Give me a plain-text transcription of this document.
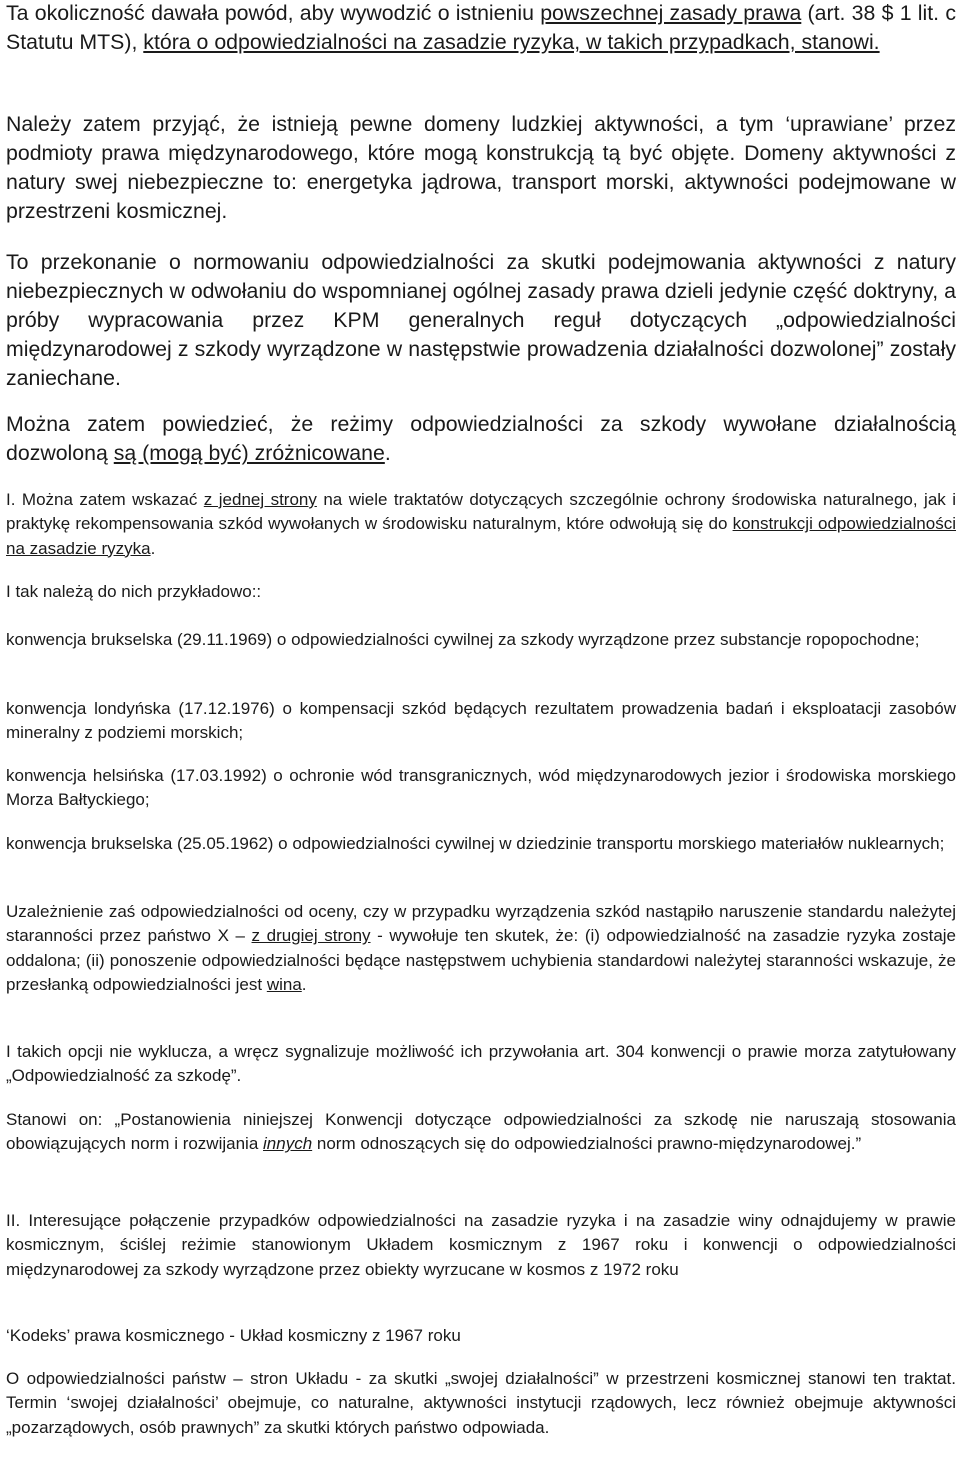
Ta okoliczność dawała powód, aby wywodzić o istnieniu powszechnej zasady prawa (art. 38 $ 1 lit. c Statutu MTS), która o odpowiedzialności na zasadzie ryzyka, w takich przypadkach, stanowi.

Należy zatem przyjąć, że istnieją pewne domeny ludzkiej aktywności, a tym ‘uprawiane’ przez podmioty prawa międzynarodowego, które mogą konstrukcją tą być objęte. Domeny aktywności z natury swej niebezpieczne to: energetyka jądrowa, transport morski, aktywności podejmowane w przestrzeni kosmicznej.

To przekonanie o normowaniu odpowiedzialności za skutki podejmowania aktywności z natury niebezpiecznych w odwołaniu do wspomnianej ogólnej zasady prawa dzieli jedynie część doktryny, a próby wypracowania przez KPM generalnych reguł dotyczących „odpowiedzialności międzynarodowej z szkody wyrządzone w następstwie prowadzenia działalności dozwolonej” zostały zaniechane.

Można zatem powiedzieć, że reżimy odpowiedzialności za szkody wywołane działalnością dozwoloną są (mogą być) zróżnicowane.

I. Można zatem wskazać z jednej strony na wiele traktatów dotyczących szczególnie ochrony środowiska naturalnego, jak i praktykę rekompensowania szkód wywołanych w środowisku naturalnym, które odwołują się do konstrukcji odpowiedzialności na zasadzie ryzyka.

I tak należą do nich przykładowo::

konwencja brukselska (29.11.1969) o odpowiedzialności cywilnej za szkody wyrządzone przez substancje ropopochodne;

konwencja londyńska (17.12.1976) o kompensacji szkód będących rezultatem prowadzenia badań i eksploatacji zasobów mineralny z podziemi morskich;

konwencja helsińska (17.03.1992) o ochronie wód transgranicznych, wód międzynarodowych jezior i środowiska morskiego Morza Bałtyckiego;

konwencja brukselska (25.05.1962) o odpowiedzialności cywilnej w dziedzinie transportu morskiego materiałów nuklearnych;

Uzależnienie zaś odpowiedzialności od oceny, czy w przypadku wyrządzenia szkód nastąpiło naruszenie standardu należytej staranności przez państwo X – z drugiej strony - wywołuje ten skutek, że: (i) odpowiedzialność na zasadzie ryzyka zostaje oddalona; (ii) ponoszenie odpowiedzialności będące następstwem uchybienia standardowi należytej staranności wskazuje, że przesłanką odpowiedzialności jest wina.

I takich opcji nie wyklucza, a wręcz sygnalizuje możliwość ich przywołania art. 304 konwencji o prawie morza zatytułowany „Odpowiedzialność za szkodę”.

Stanowi on: „Postanowienia niniejszej Konwencji dotyczące odpowiedzialności za szkodę nie naruszają stosowania obowiązujących norm i rozwijania innych norm odnoszących się do odpowiedzialności prawno-międzynarodowej.”

II. Interesujące połączenie przypadków odpowiedzialności na zasadzie ryzyka i na zasadzie winy odnajdujemy w prawie kosmicznym, ściślej reżimie stanowionym Układem kosmicznym z 1967 roku i konwencji o odpowiedzialności międzynarodowej za szkody wyrządzone przez obiekty wyrzucane w kosmos z 1972 roku

‘Kodeks’ prawa kosmicznego - Układ kosmiczny z 1967 roku

O odpowiedzialności państw – stron Układu - za skutki „swojej działalności” w przestrzeni kosmicznej stanowi ten traktat. Termin ‘swojej działalności’ obejmuje, co naturalne, aktywności instytucji rządowych, lecz również obejmuje aktywności „pozarządowych, osób prawnych” za skutki których państwo odpowiada.
